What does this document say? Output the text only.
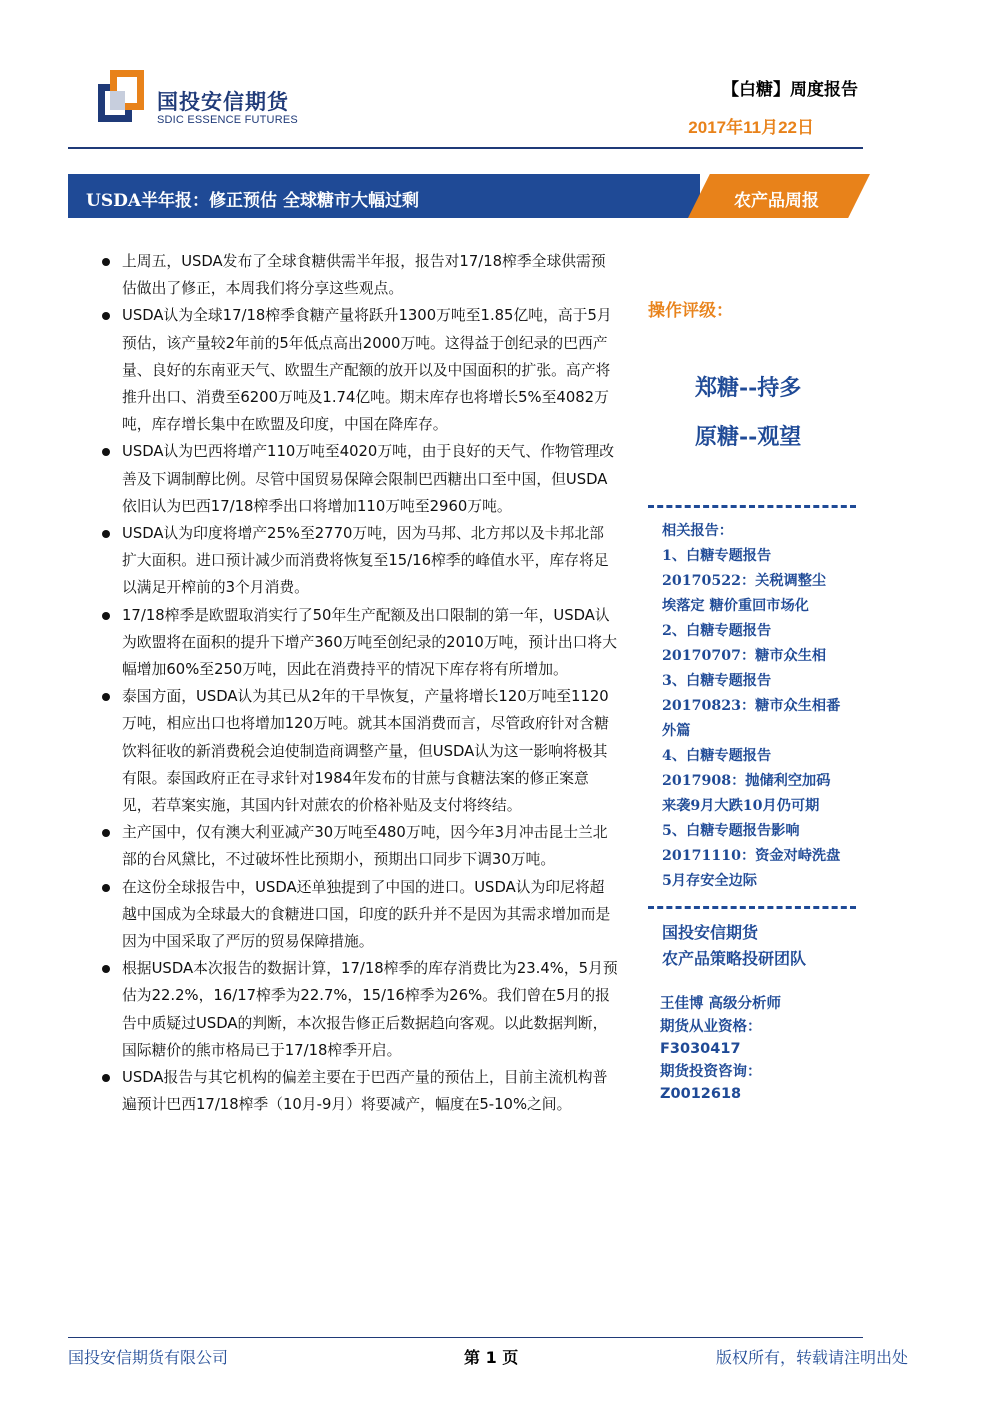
国投安信期货
SDIC ESSENCE FUTURES
【白糖】周度报告
2017年11月22日
USDA半年报：修正预估 全球糖市大幅过剩	农产品周报
上周五，USDA发布了全球食糖供需半年报，报告对17/18榨季全球供需预估做出了修正，本周我们将分享这些观点。
USDA认为全球17/18榨季食糖产量将跃升1300万吨至1.85亿吨，高于5月预估，该产量较2年前的5年低点高出2000万吨。这得益于创纪录的巴西产量、良好的东南亚天气、欧盟生产配额的放开以及中国面积的扩张。高产将推升出口、消费至6200万吨及1.74亿吨。期末库存也将增长5%至4082万吨，库存增长集中在欧盟及印度，中国在降库存。
USDA认为巴西将增产110万吨至4020万吨，由于良好的天气、作物管理改善及下调制醇比例。尽管中国贸易保障会限制巴西糖出口至中国，但USDA依旧认为巴西17/18榨季出口将增加110万吨至2960万吨。
USDA认为印度将增产25%至2770万吨，因为马邦、北方邦以及卡邦北部扩大面积。进口预计减少而消费将恢复至15/16榨季的峰值水平，库存将足以满足开榨前的3个月消费。
17/18榨季是欧盟取消实行了50年生产配额及出口限制的第一年，USDA认为欧盟将在面积的提升下增产360万吨至创纪录的2010万吨，预计出口将大幅增加60%至250万吨，因此在消费持平的情况下库存将有所增加。
泰国方面，USDA认为其已从2年的干旱恢复，产量将增长120万吨至1120万吨，相应出口也将增加120万吨。就其本国消费而言，尽管政府针对含糖饮料征收的新消费税会迫使制造商调整产量，但USDA认为这一影响将极其有限。泰国政府正在寻求针对1984年发布的甘蔗与食糖法案的修正案意见，若草案实施，其国内针对蔗农的价格补贴及支付将终结。
主产国中，仅有澳大利亚减产30万吨至480万吨，因今年3月冲击昆士兰北部的台风黛比，不过破坏性比预期小，预期出口同步下调30万吨。
在这份全球报告中，USDA还单独提到了中国的进口。USDA认为印尼将超越中国成为全球最大的食糖进口国，印度的跃升并不是因为其需求增加而是因为中国采取了严厉的贸易保障措施。
根据USDA本次报告的数据计算，17/18榨季的库存消费比为23.4%，5月预估为22.2%，16/17榨季为22.7%，15/16榨季为26%。我们曾在5月的报告中质疑过USDA的判断，本次报告修正后数据趋向客观。以此数据判断，国际糖价的熊市格局已于17/18榨季开启。
USDA报告与其它机构的偏差主要在于巴西产量的预估上，目前主流机构普遍预计巴西17/18榨季（10月-9月）将要减产，幅度在5-10%之间。
操作评级：
郑糖--持多
原糖--观望
相关报告：
1、白糖专题报告
20170522：关税调整尘
埃落定 糖价重回市场化
2、白糖专题报告
20170707：糖市众生相
3、白糖专题报告
20170823：糖市众生相番
外篇
4、白糖专题报告
2017908：抛储利空加码
来袭9月大跌10月仍可期
5、白糖专题报告影响
20171110：资金对峙洗盘
5月存安全边际
国投安信期货
农产品策略投研团队
王佳博 高级分析师
期货从业资格：
F3030417
期货投资咨询：
Z0012618
国投安信期货有限公司	第 1 页	版权所有，转载请注明出处
